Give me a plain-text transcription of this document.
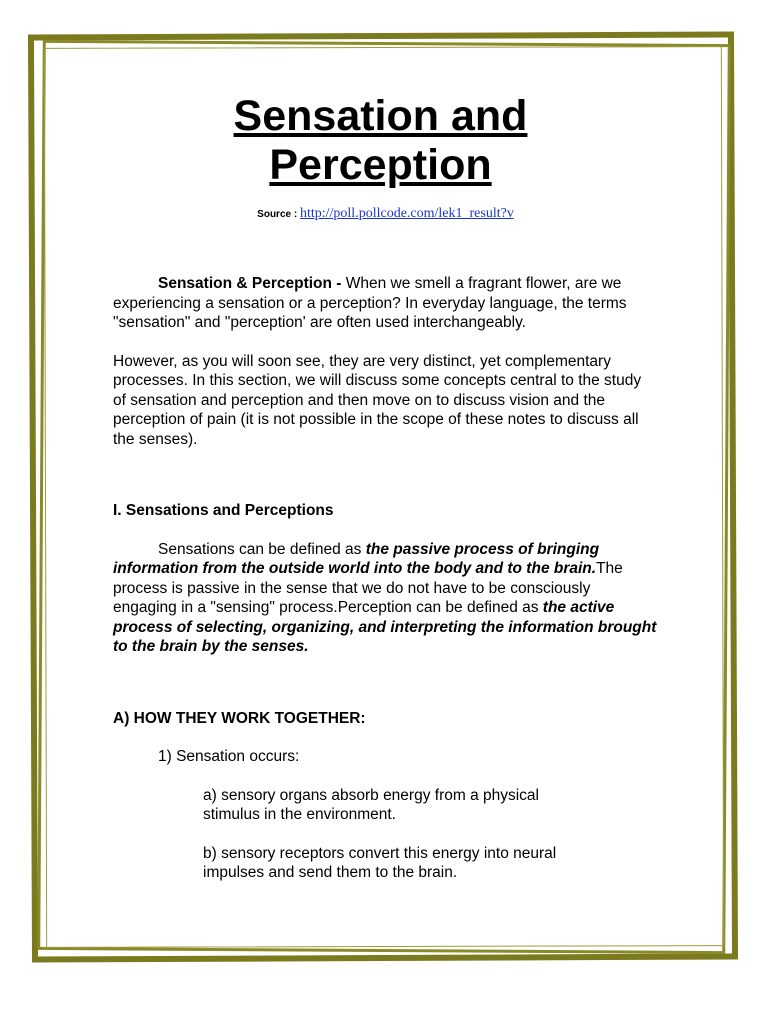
Sensation and
Perception
Source : http://poll.pollcode.com/lek1_result?v

Sensation & Perception - When we smell a fragrant flower, are we experiencing a sensation or a perception? In everyday language, the terms "sensation" and "perception' are often used interchangeably.

However, as you will soon see, they are very distinct, yet complementary processes. In this section, we will discuss some concepts central to the study of sensation and perception and then move on to discuss vision and the perception of pain (it is not possible in the scope of these notes to discuss all the senses).

I. Sensations and Perceptions

Sensations can be defined as the passive process of bringing information from the outside world into the body and to the brain.The process is passive in the sense that we do not have to be consciously engaging in a "sensing" process.Perception can be defined as the active process of selecting, organizing, and interpreting the information brought to the brain by the senses.

A) HOW THEY WORK TOGETHER:

1) Sensation occurs:

a) sensory organs absorb energy from a physical stimulus in the environment.

b) sensory receptors convert this energy into neural impulses and send them to the brain.
